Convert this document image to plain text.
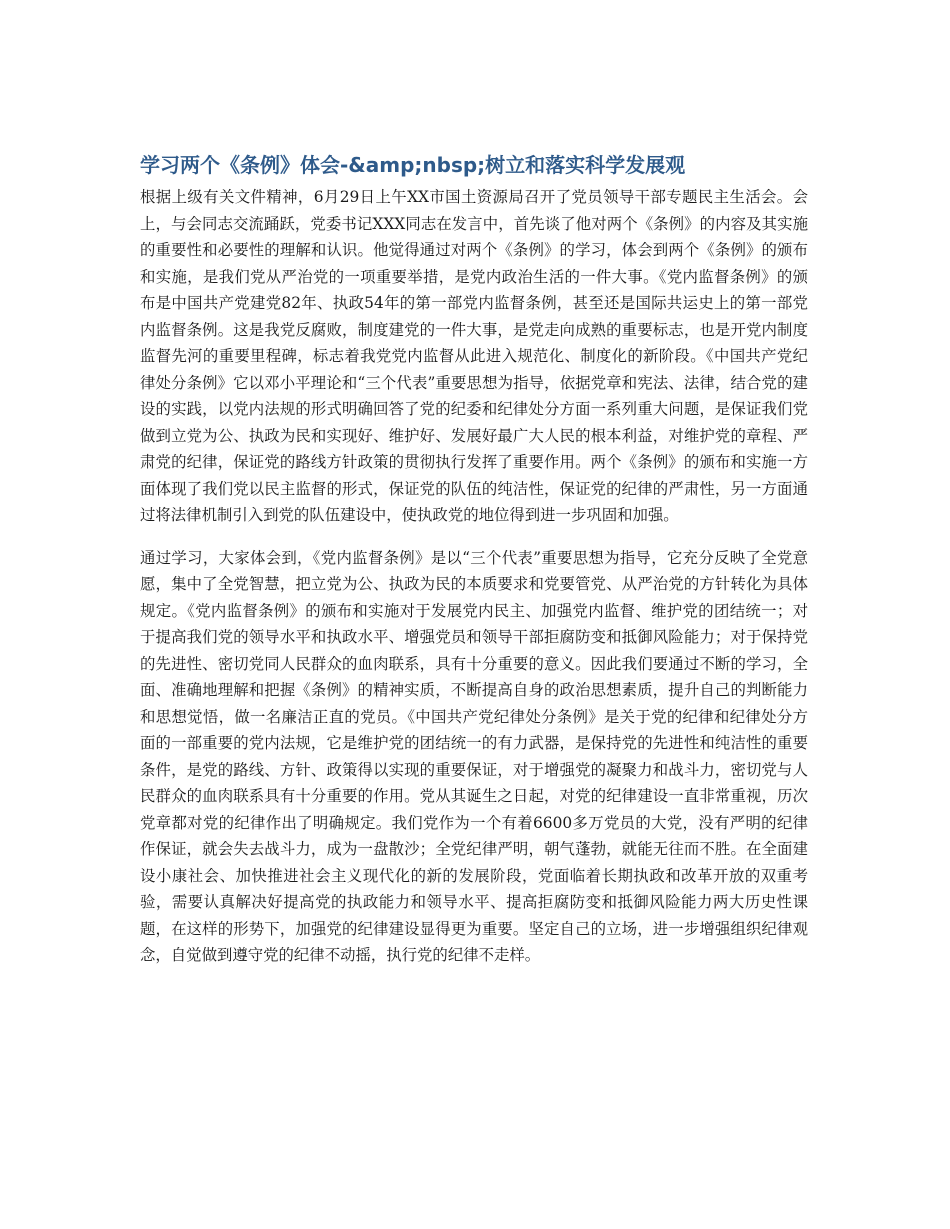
学习两个《条例》体会-&amp;nbsp;树立和落实科学发展观

根据上级有关文件精神，6月29日上午XX市国土资源局召开了党员领导干部专题民主生活会。会上，与会同志交流踊跃，党委书记XXX同志在发言中，首先谈了他对两个《条例》的内容及其实施的重要性和必要性的理解和认识。他觉得通过对两个《条例》的学习，体会到两个《条例》的颁布和实施，是我们党从严治党的一项重要举措，是党内政治生活的一件大事。《党内监督条例》的颁布是中国共产党建党82年、执政54年的第一部党内监督条例，甚至还是国际共运史上的第一部党内监督条例。这是我党反腐败，制度建党的一件大事，是党走向成熟的重要标志，也是开党内制度监督先河的重要里程碑，标志着我党党内监督从此进入规范化、制度化的新阶段。《中国共产党纪律处分条例》它以邓小平理论和“三个代表”重要思想为指导，依据党章和宪法、法律，结合党的建设的实践，以党内法规的形式明确回答了党的纪委和纪律处分方面一系列重大问题，是保证我们党做到立党为公、执政为民和实现好、维护好、发展好最广大人民的根本利益，对维护党的章程、严肃党的纪律，保证党的路线方针政策的贯彻执行发挥了重要作用。两个《条例》的颁布和实施一方面体现了我们党以民主监督的形式，保证党的队伍的纯洁性，保证党的纪律的严肃性，另一方面通过将法律机制引入到党的队伍建设中，使执政党的地位得到进一步巩固和加强。

通过学习，大家体会到，《党内监督条例》是以“三个代表”重要思想为指导，它充分反映了全党意愿，集中了全党智慧，把立党为公、执政为民的本质要求和党要管党、从严治党的方针转化为具体规定。《党内监督条例》的颁布和实施对于发展党内民主、加强党内监督、维护党的团结统一；对于提高我们党的领导水平和执政水平、增强党员和领导干部拒腐防变和抵御风险能力；对于保持党的先进性、密切党同人民群众的血肉联系，具有十分重要的意义。因此我们要通过不断的学习，全面、准确地理解和把握《条例》的精神实质，不断提高自身的政治思想素质，提升自己的判断能力和思想觉悟，做一名廉洁正直的党员。《中国共产党纪律处分条例》是关于党的纪律和纪律处分方面的一部重要的党内法规，它是维护党的团结统一的有力武器，是保持党的先进性和纯洁性的重要条件，是党的路线、方针、政策得以实现的重要保证，对于增强党的凝聚力和战斗力，密切党与人民群众的血肉联系具有十分重要的作用。党从其诞生之日起，对党的纪律建设一直非常重视，历次党章都对党的纪律作出了明确规定。我们党作为一个有着6600多万党员的大党，没有严明的纪律作保证，就会失去战斗力，成为一盘散沙；全党纪律严明，朝气蓬勃，就能无往而不胜。在全面建设小康社会、加快推进社会主义现代化的新的发展阶段，党面临着长期执政和改革开放的双重考验，需要认真解决好提高党的执政能力和领导水平、提高拒腐防变和抵御风险能力两大历史性课题，在这样的形势下，加强党的纪律建设显得更为重要。坚定自己的立场，进一步增强组织纪律观念，自觉做到遵守党的纪律不动摇，执行党的纪律不走样。
